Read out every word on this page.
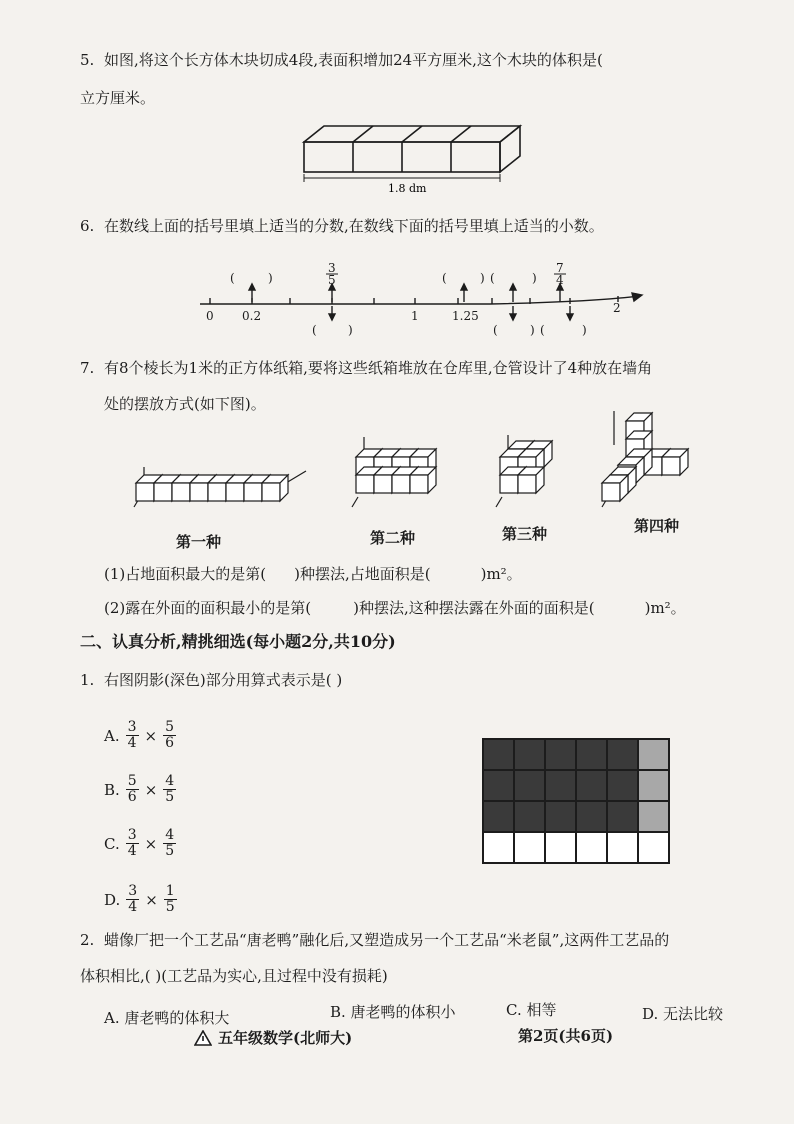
5. 如图,将这个长方体木块切成4段,表面积增加24平方厘米,这个木块的体积是(
立方厘米。
1.8 dm
6. 在数线上面的括号里填上适当的分数,在数线下面的括号里填上适当的小数。
0 0.2	1	1.25
2
3
5
7
4
(	)	(	) (	)
(	)	(	) (	)
7. 有8个棱长为1米的正方体纸箱,要将这些纸箱堆放在仓库里,仓管设计了4种放在墙角
处的摆放方式(如下图)。
第一种	第二种	第三种	第四种
(1)占地面积最大的是第( )种摆法,占地面积是(	)m²。
(2)露在外面的面积最小的是第(	)种摆法,这种摆法露在外面的面积是(	)m²。
二、认真分析,精挑细选(每小题2分,共10分)
1. 右图阴影(深色)部分用算式表示是( )
A. $\frac{3}{4} \times \frac{5}{6}$
B. $\frac{5}{6} \times \frac{4}{5}$
C. $\frac{3}{4} \times \frac{4}{5}$
D. $\frac{3}{4} \times \frac{1}{5}$
2. 蜡像厂把一个工艺品“唐老鸭”融化后,又塑造成另一个工艺品“米老鼠”,这两件工艺品的
体积相比,( )(工艺品为实心,且过程中没有损耗)
A. 唐老鸭的体积大	B. 唐老鸭的体积小	C. 相等	D. 无法比较
五年级数学(北师大)	第2页(共6页)
